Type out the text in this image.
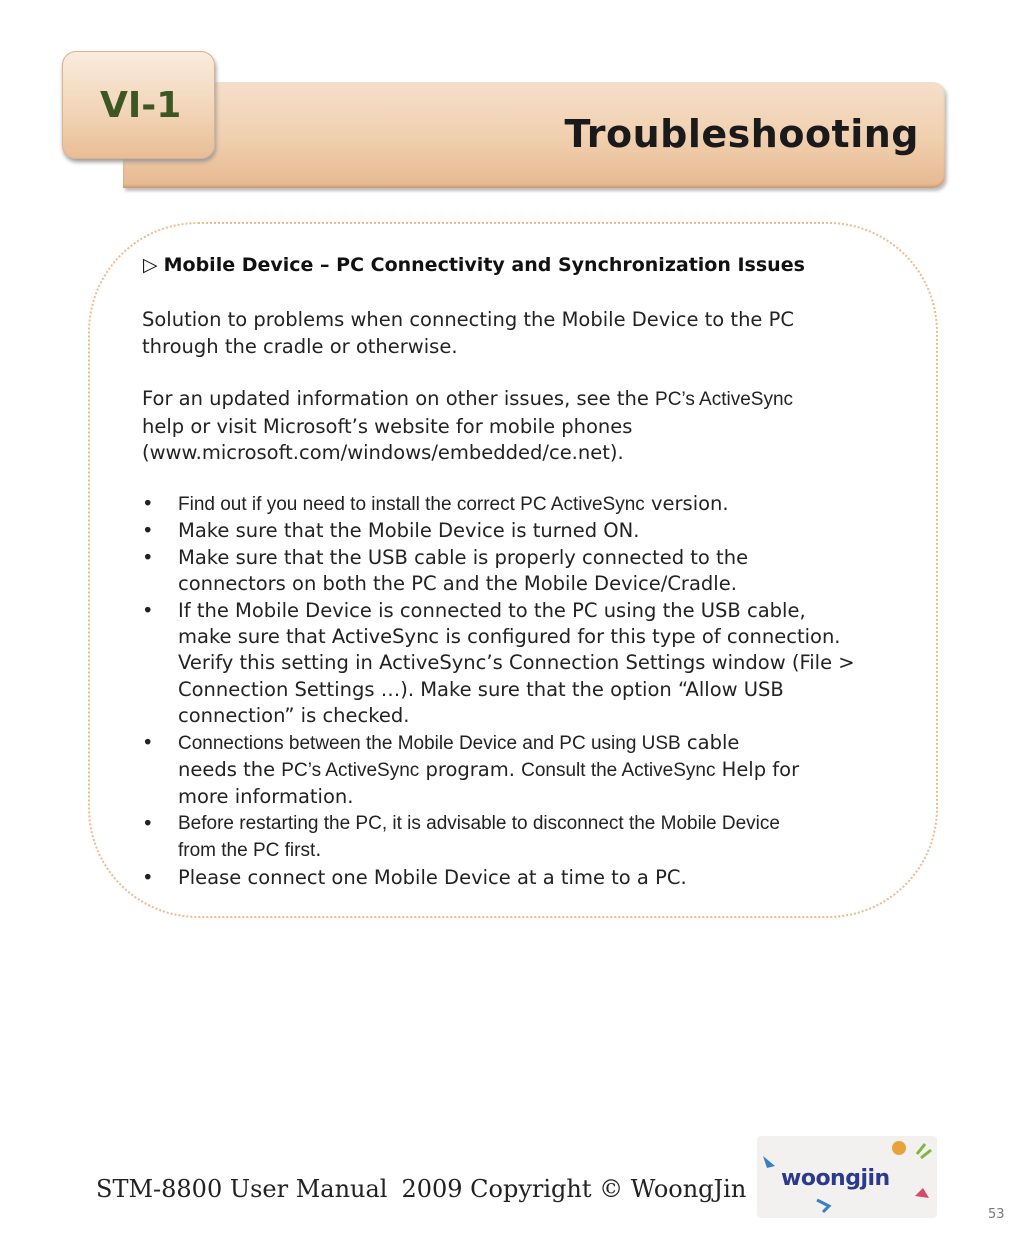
Troubleshooting
VI-1
▷ Mobile Device – PC Connectivity and Synchronization Issues
Solution to problems when connecting the Mobile Device to the PC
through the cradle or otherwise.
For an updated information on other issues, see the PC’s ActiveSync
help or visit Microsoft’s website for mobile phones
(www.microsoft.com/windows/embedded/ce.net).
• Find out if you need to install the correct PC ActiveSync version.
• Make sure that the Mobile Device is turned ON.
• Make sure that the USB cable is properly connected to the
connectors on both the PC and the Mobile Device/Cradle.
• If the Mobile Device is connected to the PC using the USB cable,
make sure that ActiveSync is configured for this type of connection.
Verify this setting in ActiveSync’s Connection Settings window (File >
Connection Settings …). Make sure that the option “Allow USB
connection” is checked.
• Connections between the Mobile Device and PC using USB cable
needs the PC’s ActiveSync program. Consult the ActiveSync Help for
more information.
• Before restarting the PC, it is advisable to disconnect the Mobile Device
from the PC first.
• Please connect one Mobile Device at a time to a PC.
STM-8800 User Manual 2009 Copyright © WoongJin woongjin
53
